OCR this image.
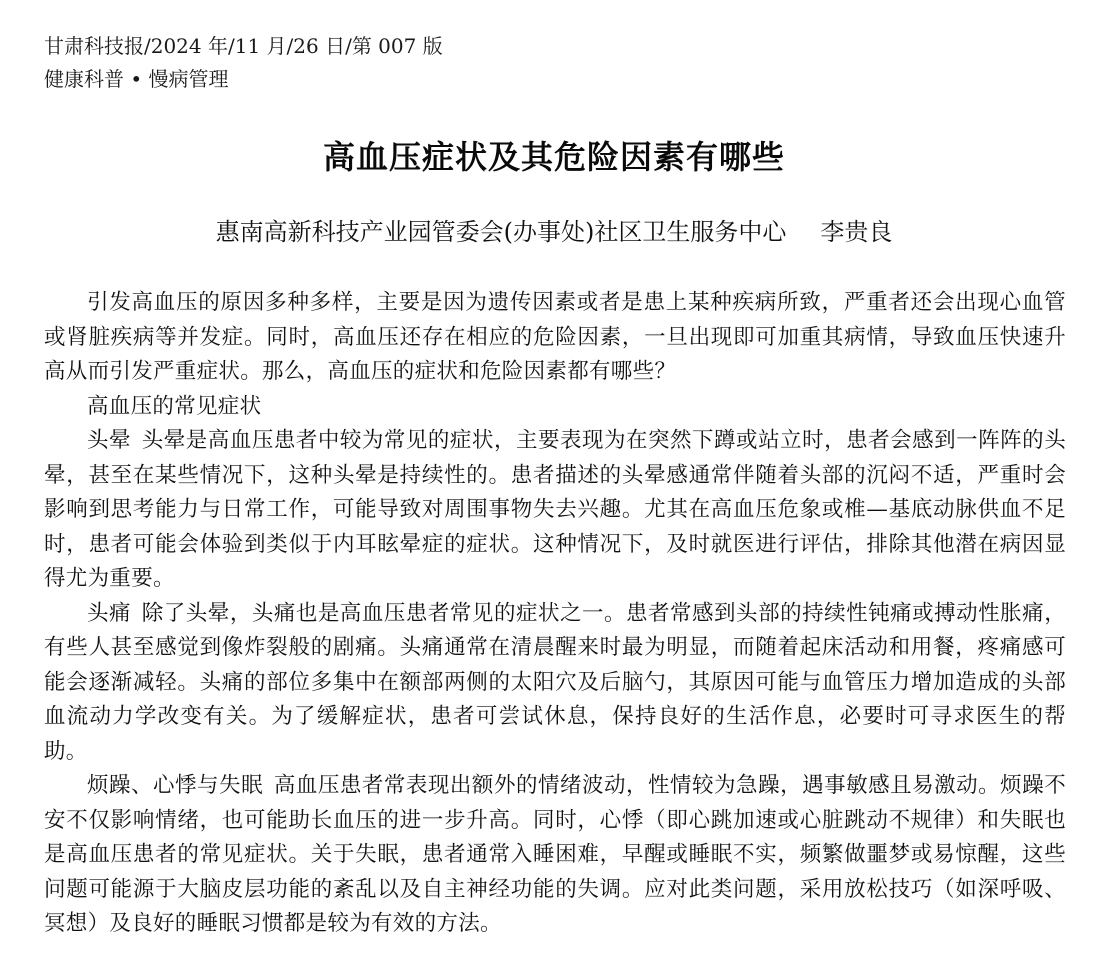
甘肃科技报/2024 年/11 月/26 日/第 007 版
健康科普 • 慢病管理
高血压症状及其危险因素有哪些
惠南高新科技产业园管委会(办事处)社区卫生服务中心 李贵良

引发高血压的原因多种多样，主要是因为遗传因素或者是患上某种疾病所致，严重者还会出现心血管或肾脏疾病等并发症。同时，高血压还存在相应的危险因素，一旦出现即可加重其病情，导致血压快速升高从而引发严重症状。那么，高血压的症状和危险因素都有哪些？

高血压的常见症状

头晕 头晕是高血压患者中较为常见的症状，主要表现为在突然下蹲或站立时，患者会感到一阵阵的头晕，甚至在某些情况下，这种头晕是持续性的。患者描述的头晕感通常伴随着头部的沉闷不适，严重时会影响到思考能力与日常工作，可能导致对周围事物失去兴趣。尤其在高血压危象或椎—基底动脉供血不足时，患者可能会体验到类似于内耳眩晕症的症状。这种情况下，及时就医进行评估，排除其他潜在病因显得尤为重要。

头痛 除了头晕，头痛也是高血压患者常见的症状之一。患者常感到头部的持续性钝痛或搏动性胀痛，有些人甚至感觉到像炸裂般的剧痛。头痛通常在清晨醒来时最为明显，而随着起床活动和用餐，疼痛感可能会逐渐减轻。头痛的部位多集中在额部两侧的太阳穴及后脑勺，其原因可能与血管压力增加造成的头部血流动力学改变有关。为了缓解症状，患者可尝试休息，保持良好的生活作息，必要时可寻求医生的帮助。

烦躁、心悸与失眠 高血压患者常表现出额外的情绪波动，性情较为急躁，遇事敏感且易激动。烦躁不安不仅影响情绪，也可能助长血压的进一步升高。同时，心悸（即心跳加速或心脏跳动不规律）和失眠也是高血压患者的常见症状。关于失眠，患者通常入睡困难，早醒或睡眠不实，频繁做噩梦或易惊醒，这些问题可能源于大脑皮层功能的紊乱以及自主神经功能的失调。应对此类问题，采用放松技巧（如深呼吸、冥想）及良好的睡眠习惯都是较为有效的方法。
